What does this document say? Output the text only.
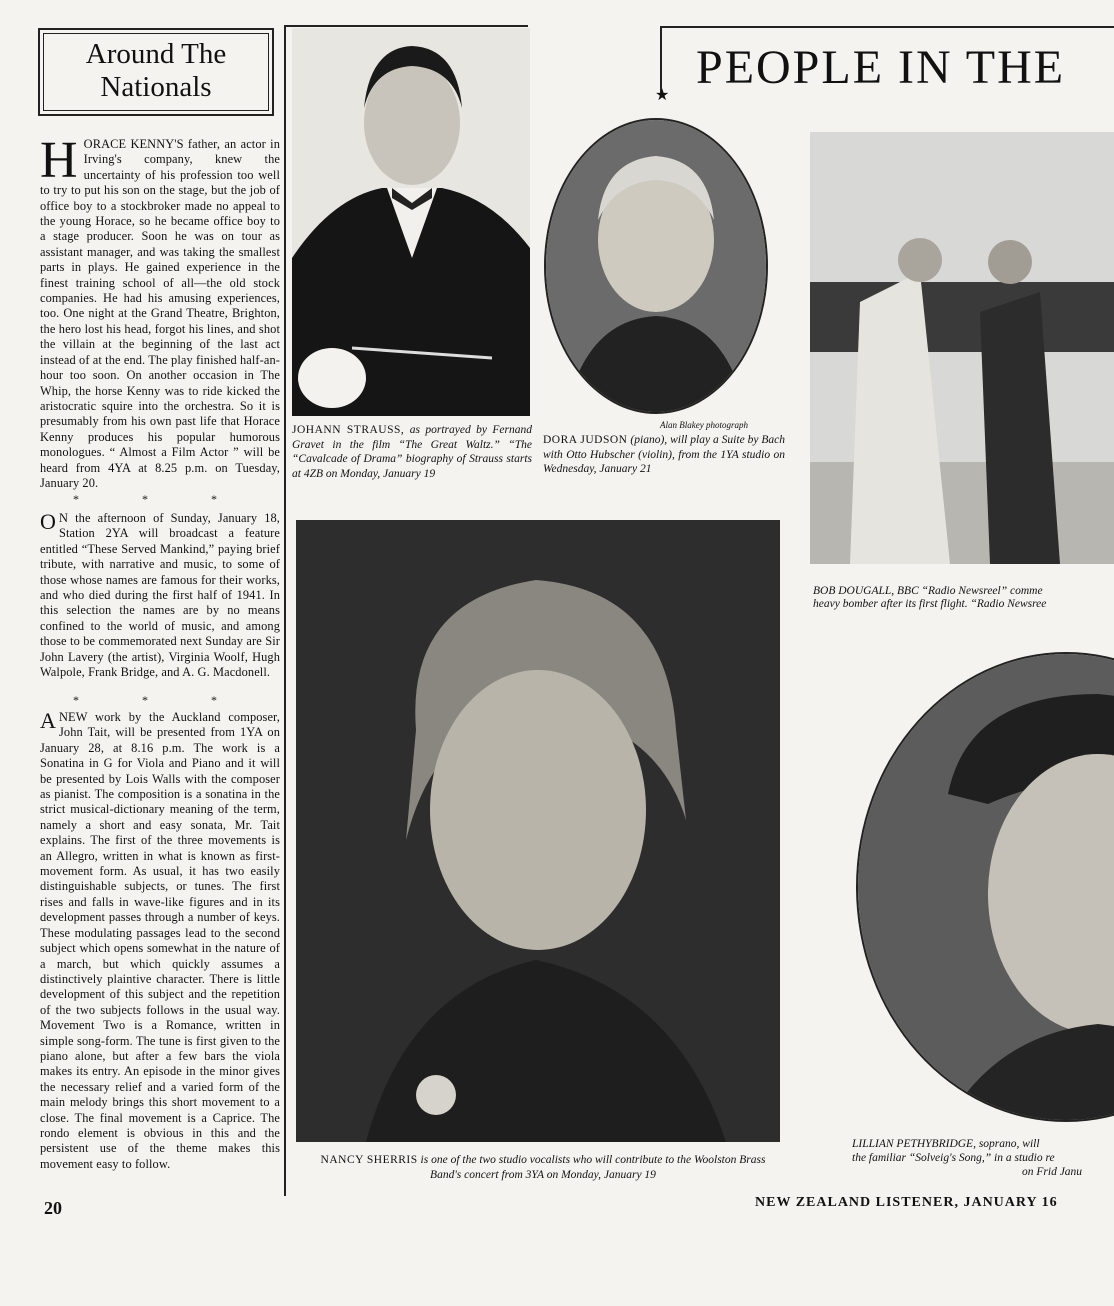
Around The
Nationals

HORACE KENNY'S father, an actor in Irving's company, knew the uncertainty of his profession too well to try to put his son on the stage, but the job of office boy to a stockbroker made no appeal to the young Horace, so he became office boy to a stage producer. Soon he was on tour as assistant manager, and was taking the smallest parts in plays. He gained experience in the finest training school of all—the old stock companies. He had his amusing experiences, too. One night at the Grand Theatre, Brighton, the hero lost his head, forgot his lines, and shot the villain at the beginning of the last act instead of at the end. The play finished half-an-hour too soon. On another occasion in The Whip, the horse Kenny was to ride kicked the aristocratic squire into the orchestra. So it is presumably from his own past life that Horace Kenny produces his popular humorous monologues. “ Almost a Film Actor ” will be heard from 4YA at 8.25 p.m. on Tuesday, January 20.

* * *

O N the afternoon of Sunday, January 18, Station 2YA will broadcast a feature entitled “These Served Mankind,” paying brief tribute, with narrative and music, to some of those whose names are famous for their works, and who died during the first half of 1941. In this selection the names are by no means confined to the world of music, and among those to be commemorated next Sunday are Sir John Lavery (the artist), Virginia Woolf, Hugh Walpole, Frank Bridge, and A. G. Macdonell.

* * *

ANEW work by the Auckland composer, John Tait, will be presented from 1YA on January 28, at 8.16 p.m. The work is a Sonatina in G for Viola and Piano and it will be presented by Lois Walls with the composer as pianist. The composition is a sonatina in the strict musical-dictionary meaning of the term, namely a short and easy sonata, Mr. Tait explains. The first of the three movements is an Allegro, written in what is known as first-movement form. As usual, it has two easily distinguishable subjects, or tunes. The first rises and falls in wave-like figures and in its development passes through a number of keys. These modulating passages lead to the second subject which opens somewhat in the nature of a march, but which quickly assumes a distinctively plaintive character. There is little development of this subject and the repetition of the two subjects follows in the usual way. Movement Two is a Romance, written in simple song-form. The tune is first given to the piano alone, but after a few bars the viola makes its entry. An episode in the minor gives the necessary relief and a varied form of the main melody brings this short movement to a close. The final movement is a Caprice. The rondo element is obvious in this and the persistent use of the theme makes this movement easy to follow.

JOHANN STRAUSS, as portrayed by Fernand Gravet in the film “The Great Waltz.” “The “Cavalcade of Drama” biography of Strauss starts at 4ZB on Monday, January 19
Alan Blakey photograph
DORA JUDSON (piano), will play a Suite by Bach with Otto Hubscher (violin), from the 1YA studio on Wednesday, January 21
★
PEOPLE IN THE
BOB DOUGALL, BBC “Radio Newsreel” comme
heavy bomber after its first flight. “Radio Newsree
NANCY SHERRIS is one of the two studio vocalists who will contribute to the Woolston Brass Band's concert from 3YA on Monday, January 19
LILLIAN PETHYBRIDGE, soprano, will
the familiar “Solveig's Song,” in a studio re
on Frid Janu
20	NEW ZEALAND LISTENER, JANUARY 16
